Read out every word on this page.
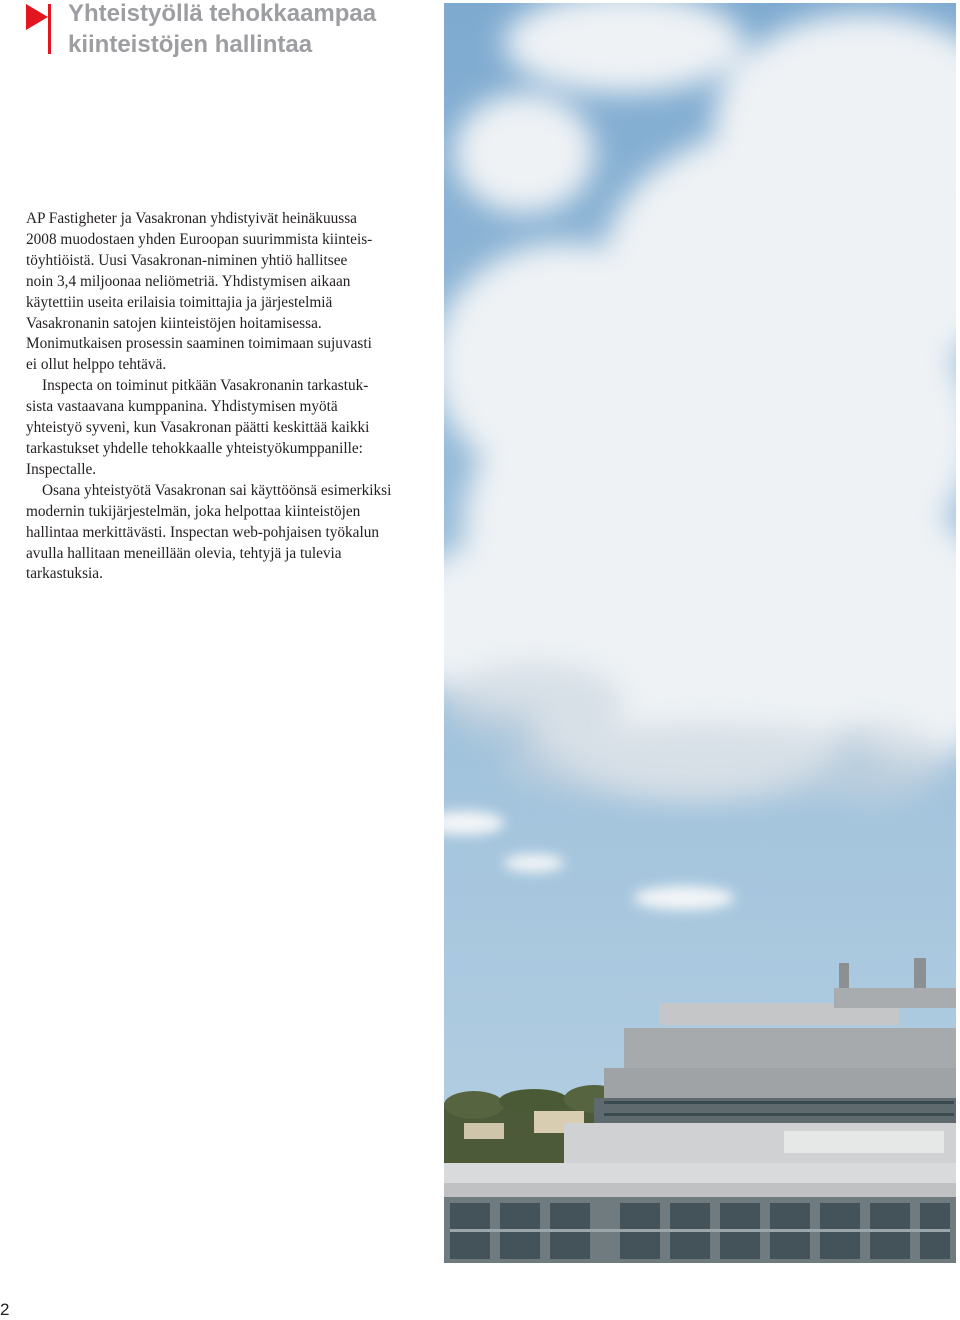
Yhteistyöllä tehokkaampaa
kiinteistöjen hallintaa

AP Fastigheter ja Vasakronan yhdistyivät heinäkuussa
2008 muodostaen yhden Euroopan suurimmista kiinteis-
töyhtiöistä. Uusi Vasakronan-niminen yhtiö hallitsee
noin 3,4 miljoonaa neliömetriä. Yhdistymisen aikaan
käytettiin useita erilaisia toimittajia ja järjestelmiä
Vasakronanin satojen kiinteistöjen hoitamisessa.
Monimutkaisen prosessin saaminen toimimaan sujuvasti
ei ollut helppo tehtävä.

Inspecta on toiminut pitkään Vasakronanin tarkastuk-
sista vastaavana kumppanina. Yhdistymisen myötä
yhteistyö syveni, kun Vasakronan päätti keskittää kaikki
tarkastukset yhdelle tehokkaalle yhteistyökumppanille:
Inspectalle.

Osana yhteistyötä Vasakronan sai käyttöönsä esimerkiksi
modernin tukijärjestelmän, joka helpottaa kiinteistöjen
hallintaa merkittävästi. Inspectan web-pohjaisen työkalun
avulla hallitaan meneillään olevia, tehtyjä ja tulevia
tarkastuksia.

2
